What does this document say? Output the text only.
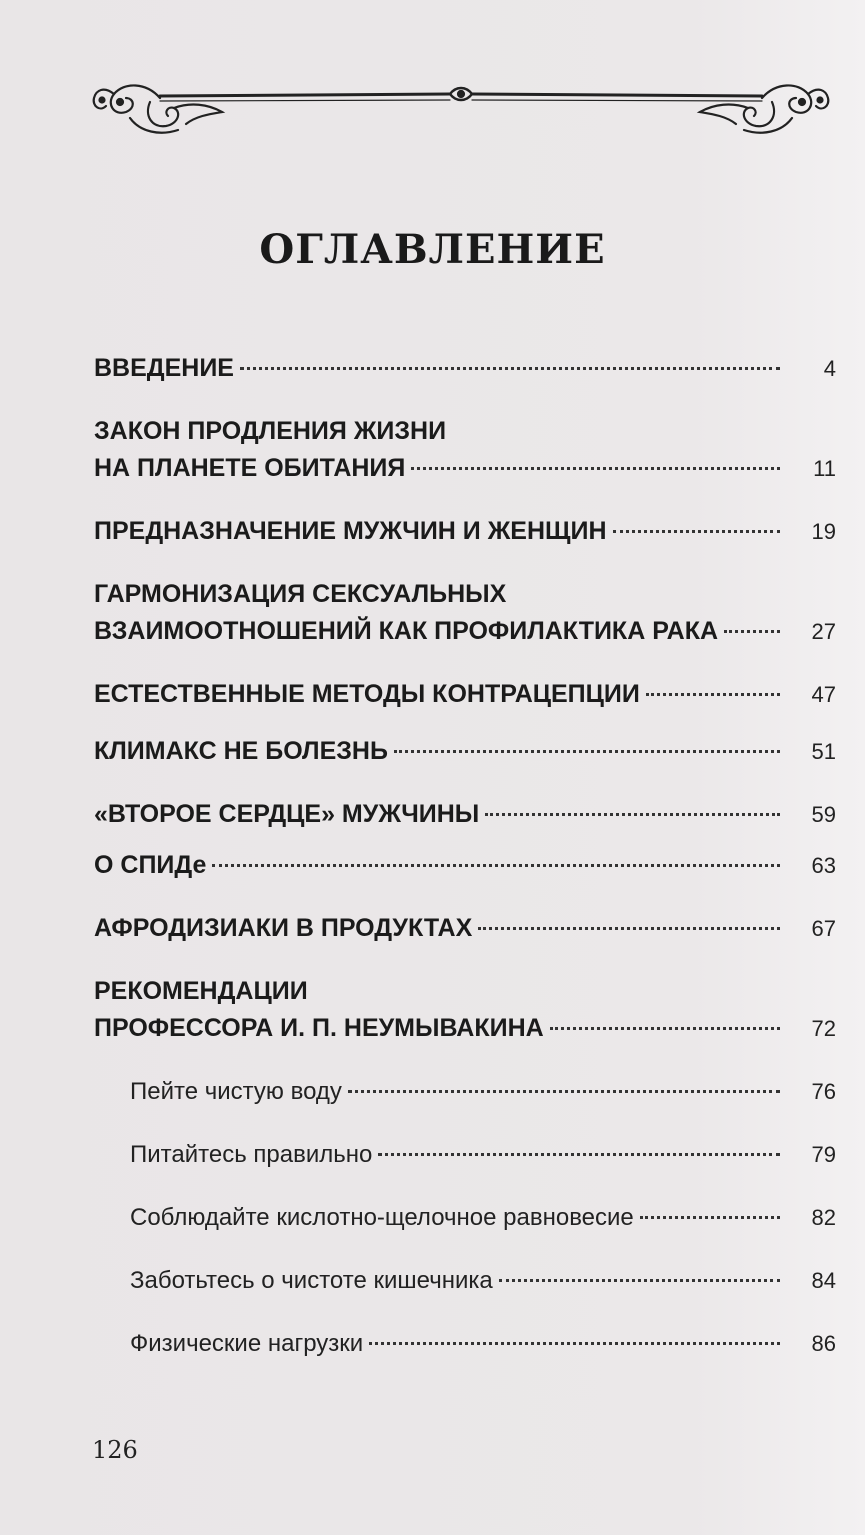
ОГЛАВЛЕНИЕ
ВВЕДЕНИЕ	4
ЗАКОН ПРОДЛЕНИЯ ЖИЗНИ
НА ПЛАНЕТЕ ОБИТАНИЯ	11
ПРЕДНАЗНАЧЕНИЕ МУЖЧИН И ЖЕНЩИН	19
ГАРМОНИЗАЦИЯ СЕКСУАЛЬНЫХ
ВЗАИМООТНОШЕНИЙ КАК ПРОФИЛАКТИКА РАКА	27
ЕСТЕСТВЕННЫЕ МЕТОДЫ КОНТРАЦЕПЦИИ	47
КЛИМАКС НЕ БОЛЕЗНЬ	51
«ВТОРОЕ СЕРДЦЕ» МУЖЧИНЫ	59
О СПИДе	63
АФРОДИЗИАКИ В ПРОДУКТАХ	67
РЕКОМЕНДАЦИИ
ПРОФЕССОРА И. П. НЕУМЫВАКИНА	72
Пейте чистую воду	76
Питайтесь правильно	79
Соблюдайте кислотно-щелочное равновесие	82
Заботьтесь о чистоте кишечника	84
Физические нагрузки	86
126
